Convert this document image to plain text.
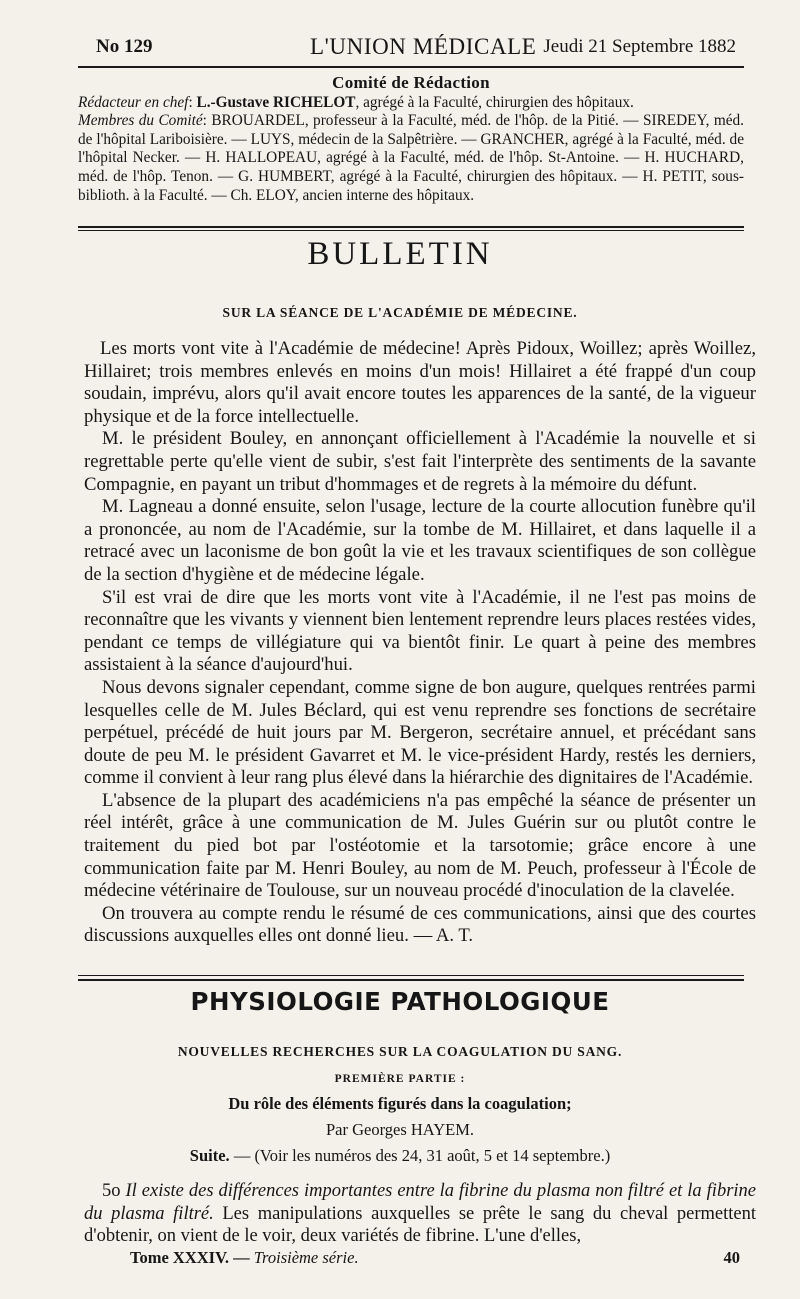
No 129	L'UNION MÉDICALE Jeudi 21 Septembre 1882
Comité de Rédaction

Rédacteur en chef: L.-Gustave RICHELOT, agrégé à la Faculté, chirurgien des hôpitaux.

Membres du Comité: BROUARDEL, professeur à la Faculté, méd. de l'hôp. de la Pitié. — SIREDEY, méd. de l'hôpital Lariboisière. — LUYS, médecin de la Salpêtrière. — GRANCHER, agrégé à la Faculté, méd. de l'hôpital Necker. — H. HALLOPEAU, agrégé à la Faculté, méd. de l'hôp. St-Antoine. — H. HUCHARD, méd. de l'hôp. Tenon. — G. HUMBERT, agrégé à la Faculté, chirurgien des hôpitaux. — H. PETIT, sous-biblioth. à la Faculté. — Ch. ELOY, ancien interne des hôpitaux.

BULLETIN
SUR LA SÉANCE DE L'ACADÉMIE DE MÉDECINE.

Les morts vont vite à l'Académie de médecine! Après Pidoux, Woillez; après Woillez, Hillairet; trois membres enlevés en moins d'un mois! Hillairet a été frappé d'un coup soudain, imprévu, alors qu'il avait encore toutes les apparences de la santé, de la vigueur physique et de la force intellectuelle.

M. le président Bouley, en annonçant officiellement à l'Académie la nouvelle et si regrettable perte qu'elle vient de subir, s'est fait l'interprète des sentiments de la savante Compagnie, en payant un tribut d'hommages et de regrets à la mémoire du défunt.

M. Lagneau a donné ensuite, selon l'usage, lecture de la courte allocution funèbre qu'il a prononcée, au nom de l'Académie, sur la tombe de M. Hillairet, et dans laquelle il a retracé avec un laconisme de bon goût la vie et les travaux scientifiques de son collègue de la section d'hygiène et de médecine légale.

S'il est vrai de dire que les morts vont vite à l'Académie, il ne l'est pas moins de reconnaître que les vivants y viennent bien lentement reprendre leurs places restées vides, pendant ce temps de villégiature qui va bientôt finir. Le quart à peine des membres assistaient à la séance d'aujourd'hui.

Nous devons signaler cependant, comme signe de bon augure, quelques rentrées parmi lesquelles celle de M. Jules Béclard, qui est venu reprendre ses fonctions de secrétaire perpétuel, précédé de huit jours par M. Bergeron, secrétaire annuel, et précédant sans doute de peu M. le président Gavarret et M. le vice-président Hardy, restés les derniers, comme il convient à leur rang plus élevé dans la hiérarchie des dignitaires de l'Académie.

L'absence de la plupart des académiciens n'a pas empêché la séance de présenter un réel intérêt, grâce à une communication de M. Jules Guérin sur ou plutôt contre le traitement du pied bot par l'ostéotomie et la tarsotomie; grâce encore à une communication faite par M. Henri Bouley, au nom de M. Peuch, professeur à l'École de médecine vétérinaire de Toulouse, sur un nouveau procédé d'inoculation de la clavelée.

On trouvera au compte rendu le résumé de ces communications, ainsi que des courtes discussions auxquelles elles ont donné lieu. — A. T.

PHYSIOLOGIE PATHOLOGIQUE
NOUVELLES RECHERCHES SUR LA COAGULATION DU SANG.
PREMIÈRE PARTIE :
Du rôle des éléments figurés dans la coagulation;
Par Georges HAYEM.
Suite. — (Voir les numéros des 24, 31 août, 5 et 14 septembre.)

5o Il existe des différences importantes entre la fibrine du plasma non filtré et la fibrine du plasma filtré. Les manipulations auxquelles se prête le sang du cheval permettent d'obtenir, on vient de le voir, deux variétés de fibrine. L'une d'elles,

Tome XXXIV. — Troisième série.	40
